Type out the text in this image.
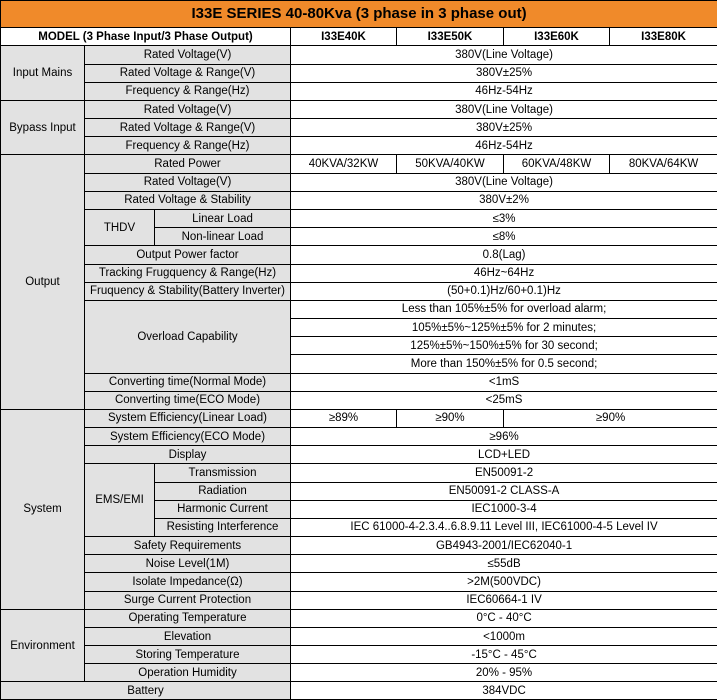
I33E SERIES 40-80Kva (3 phase in 3 phase out)						
MODEL (3 Phase Input/3 Phase Output)			I33E40K	I33E50K	I33E60K	I33E80K
Input Mains	Rated Voltage(V)		380V(Line Voltage)			
	Rated Voltage & Range(V)		380V±25%			
	Frequency & Range(Hz)		46Hz-54Hz			
Bypass Input	Rated Voltage(V)		380V(Line Voltage)			
	Rated Voltage & Range(V)		380V±25%			
	Frequency & Range(Hz)		46Hz-54Hz			
Output	Rated Power		40KVA/32KW	50KVA/40KW	60KVA/48KW	80KVA/64KW
	Rated Voltage(V)		380V(Line Voltage)			
	Rated Voltage & Stability		380V±2%			
	THDV	Linear Load	≤3%			
		Non-linear Load	≤8%			
	Output Power factor		0.8(Lag)			
	Tracking Frugquency & Range(Hz)		46Hz~64Hz			
	Fruquency & Stability(Battery Inverter)		(50+0.1)Hz/60+0.1)Hz			
	Overload Capability		Less than 105%±5% for overload alarm;			
			105%±5%~125%±5% for 2 minutes;			
			125%±5%~150%±5% for 30 second;			
			More than 150%±5% for 0.5 second;			
	Converting time(Normal Mode)		<1mS			
	Converting time(ECO Mode)		<25mS			
System	System Efficiency(Linear Load)		≥89%	≥90%	≥90%	
	System Efficiency(ECO Mode)		≥96%			
	Display		LCD+LED			
	EMS/EMI	Transmission	EN50091-2			
		Radiation	EN50091-2 CLASS-A			
		Harmonic Current	IEC1000-3-4			
		Resisting Interference	IEC 61000-4-2.3.4..6.8.9.11 Level III, IEC61000-4-5 Level IV			
	Safety Requirements		GB4943-2001/IEC62040-1			
	Noise Level(1M)		≤55dB			
	Isolate Impedance(Ω)		>2M(500VDC)			
	Surge Current Protection		IEC60664-1 IV			
Environment	Operating Temperature		0°C - 40°C			
	Elevation		<1000m			
	Storing Temperature		-15°C - 45°C			
	Operation Humidity		20% - 95%			
Battery			384VDC			
